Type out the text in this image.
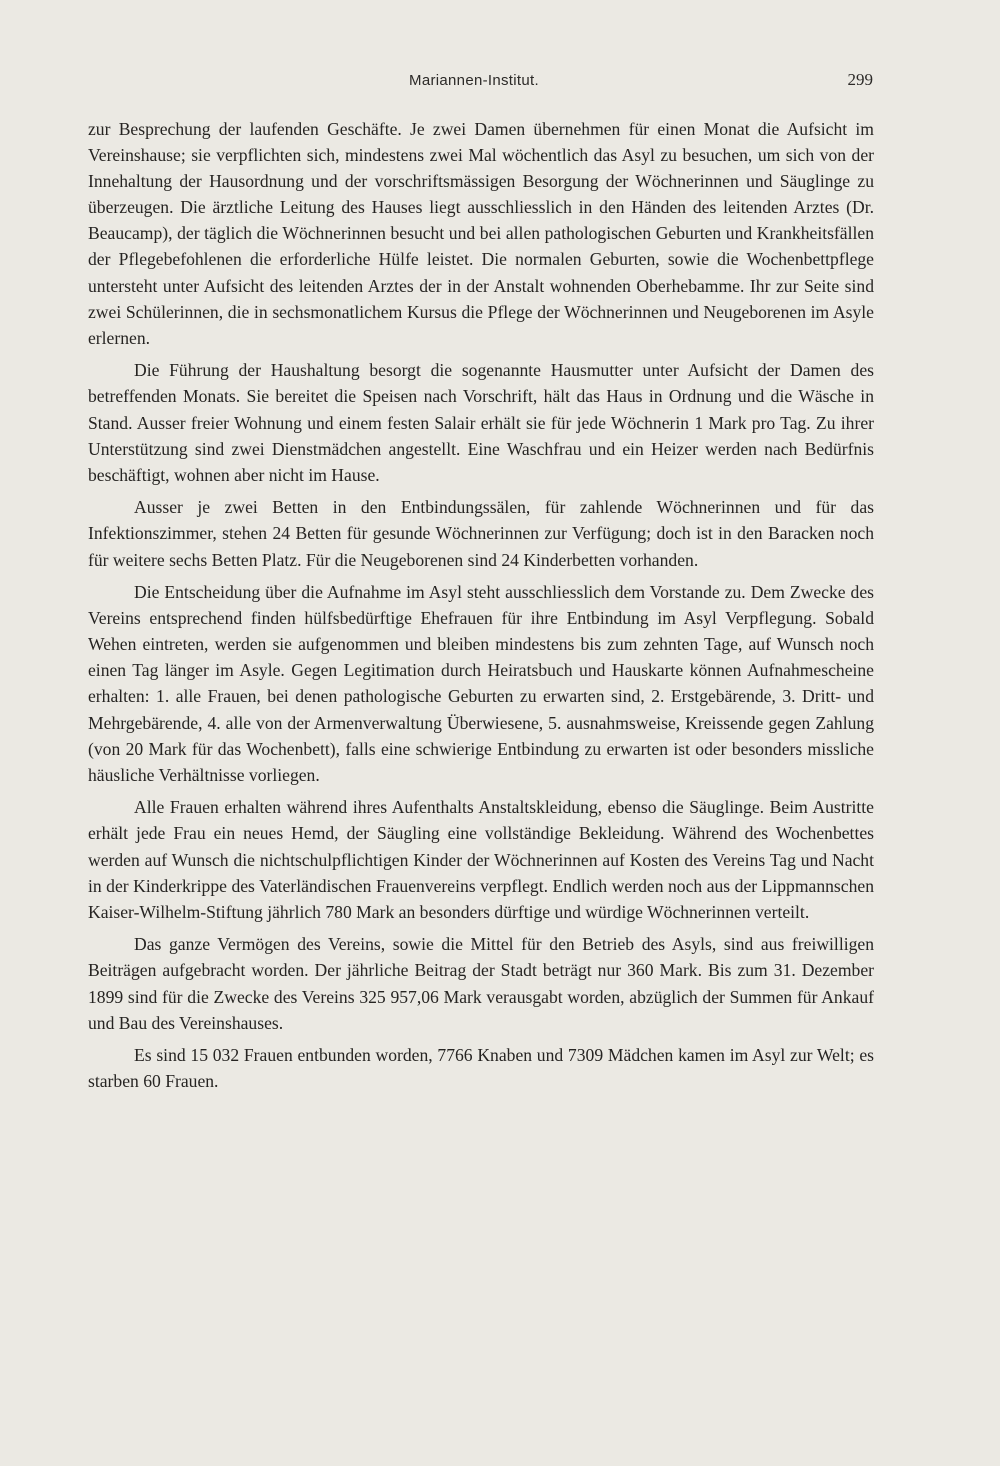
Mariannen-Institut.	299

zur Besprechung der laufenden Geschäfte. Je zwei Damen übernehmen für einen Monat die Aufsicht im Vereinshause; sie verpflichten sich, mindestens zwei Mal wöchentlich das Asyl zu besuchen, um sich von der Innehaltung der Hausordnung und der vorschriftsmässigen Besorgung der Wöchnerinnen und Säuglinge zu überzeugen. Die ärztliche Leitung des Hauses liegt ausschliesslich in den Händen des leitenden Arztes (Dr. Beaucamp), der täglich die Wöchnerinnen besucht und bei allen pathologischen Geburten und Krankheitsfällen der Pflegebefohlenen die erforderliche Hülfe leistet. Die normalen Geburten, sowie die Wochenbettpflege untersteht unter Aufsicht des leitenden Arztes der in der Anstalt wohnenden Oberhebamme. Ihr zur Seite sind zwei Schülerinnen, die in sechsmonatlichem Kursus die Pflege der Wöchnerinnen und Neugeborenen im Asyle erlernen.

Die Führung der Haushaltung besorgt die sogenannte Hausmutter unter Aufsicht der Damen des betreffenden Monats. Sie bereitet die Speisen nach Vorschrift, hält das Haus in Ordnung und die Wäsche in Stand. Ausser freier Wohnung und einem festen Salair erhält sie für jede Wöchnerin 1 Mark pro Tag. Zu ihrer Unterstützung sind zwei Dienstmädchen angestellt. Eine Waschfrau und ein Heizer werden nach Bedürfnis beschäftigt, wohnen aber nicht im Hause.

Ausser je zwei Betten in den Entbindungssälen, für zahlende Wöchnerinnen und für das Infektionszimmer, stehen 24 Betten für gesunde Wöchnerinnen zur Verfügung; doch ist in den Baracken noch für weitere sechs Betten Platz. Für die Neugeborenen sind 24 Kinderbetten vorhanden.

Die Entscheidung über die Aufnahme im Asyl steht ausschliesslich dem Vorstande zu. Dem Zwecke des Vereins entsprechend finden hülfsbedürftige Ehefrauen für ihre Entbindung im Asyl Verpflegung. Sobald Wehen eintreten, werden sie aufgenommen und bleiben mindestens bis zum zehnten Tage, auf Wunsch noch einen Tag länger im Asyle. Gegen Legitimation durch Heiratsbuch und Hauskarte können Aufnahmescheine erhalten: 1. alle Frauen, bei denen pathologische Geburten zu erwarten sind, 2. Erstgebärende, 3. Dritt- und Mehrgebärende, 4. alle von der Armenverwaltung Überwiesene, 5. ausnahmsweise, Kreissende gegen Zahlung (von 20 Mark für das Wochenbett), falls eine schwierige Entbindung zu erwarten ist oder besonders missliche häusliche Verhältnisse vorliegen.

Alle Frauen erhalten während ihres Aufenthalts Anstaltskleidung, ebenso die Säuglinge. Beim Austritte erhält jede Frau ein neues Hemd, der Säugling eine vollständige Bekleidung. Während des Wochenbettes werden auf Wunsch die nichtschulpflichtigen Kinder der Wöchnerinnen auf Kosten des Vereins Tag und Nacht in der Kinderkrippe des Vaterländischen Frauenvereins verpflegt. Endlich werden noch aus der Lippmannschen Kaiser-Wilhelm-Stiftung jährlich 780 Mark an besonders dürftige und würdige Wöchnerinnen verteilt.

Das ganze Vermögen des Vereins, sowie die Mittel für den Betrieb des Asyls, sind aus freiwilligen Beiträgen aufgebracht worden. Der jährliche Beitrag der Stadt beträgt nur 360 Mark. Bis zum 31. Dezember 1899 sind für die Zwecke des Vereins 325 957,06 Mark verausgabt worden, abzüglich der Summen für Ankauf und Bau des Vereinshauses.

Es sind 15 032 Frauen entbunden worden, 7766 Knaben und 7309 Mädchen kamen im Asyl zur Welt; es starben 60 Frauen.
